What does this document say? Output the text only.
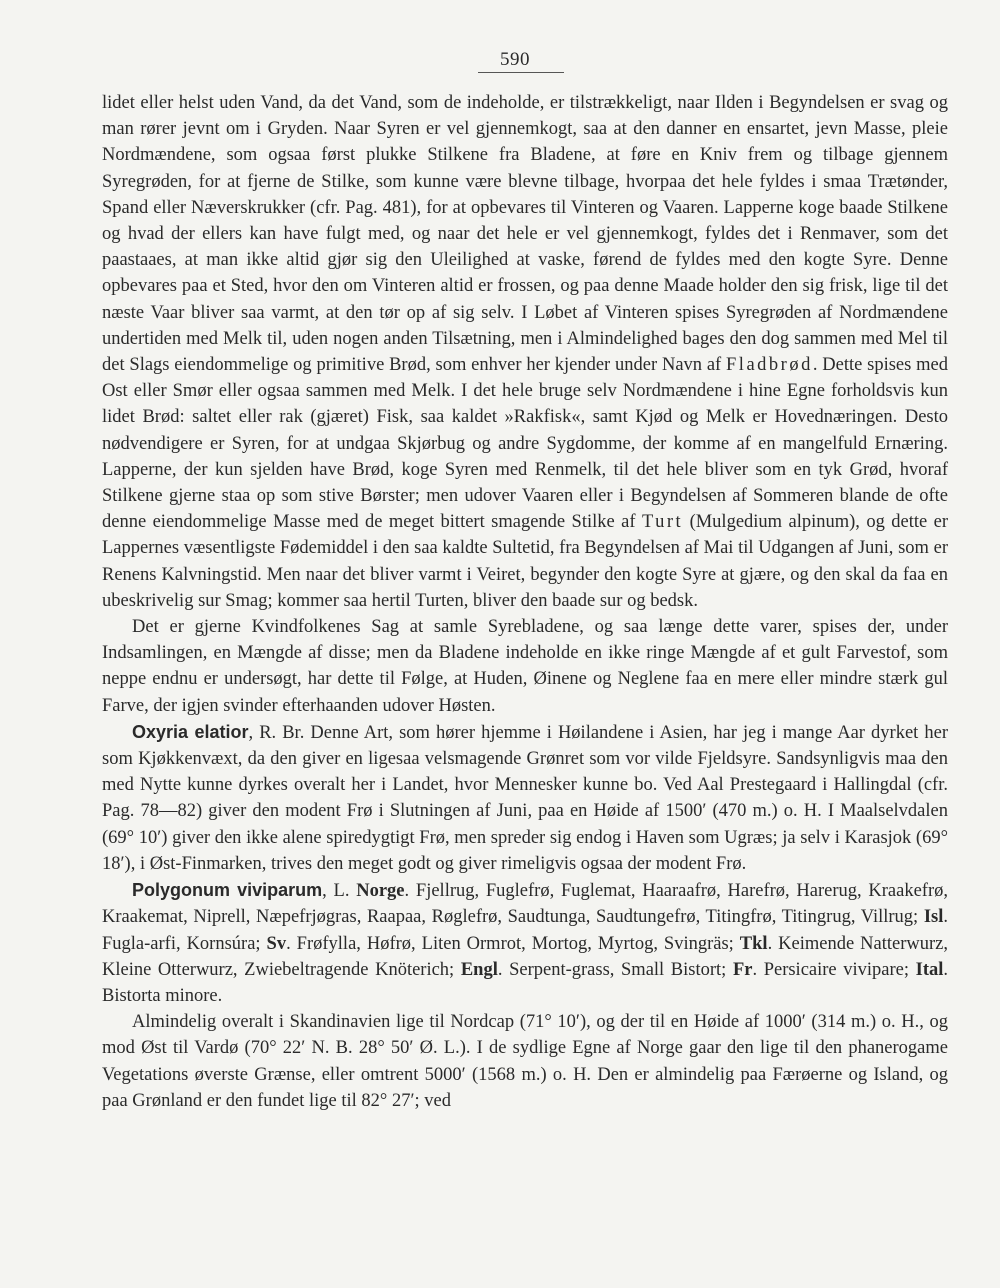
590

lidet eller helst uden Vand, da det Vand, som de indeholde, er tilstrækkeligt, naar Ilden i Begyndelsen er svag og man rører jevnt om i Gryden. Naar Syren er vel gjennemkogt, saa at den danner en ensartet, jevn Masse, pleie Nordmændene, som ogsaa først plukke Stilkene fra Bladene, at føre en Kniv frem og tilbage gjennem Syregrøden, for at fjerne de Stilke, som kunne være blevne tilbage, hvorpaa det hele fyldes i smaa Trætønder, Spand eller Næverskrukker (cfr. Pag. 481), for at opbevares til Vinteren og Vaaren. Lapperne koge baade Stilkene og hvad der ellers kan have fulgt med, og naar det hele er vel gjennemkogt, fyldes det i Renmaver, som det paastaaes, at man ikke altid gjør sig den Uleilighed at vaske, førend de fyldes med den kogte Syre. Denne opbevares paa et Sted, hvor den om Vinteren altid er frossen, og paa denne Maade holder den sig frisk, lige til det næste Vaar bliver saa varmt, at den tør op af sig selv. I Løbet af Vinteren spises Syregrøden af Nordmændene undertiden med Melk til, uden nogen anden Tilsætning, men i Almindelighed bages den dog sammen med Mel til det Slags eiendommelige og primitive Brød, som enhver her kjender under Navn af Fladbrød. Dette spises med Ost eller Smør eller ogsaa sammen med Melk. I det hele bruge selv Nordmændene i hine Egne forholdsvis kun lidet Brød: saltet eller rak (gjæret) Fisk, saa kaldet »Rakfisk«, samt Kjød og Melk er Hovednæringen. Desto nødvendigere er Syren, for at undgaa Skjørbug og andre Sygdomme, der komme af en mangelfuld Ernæring. Lapperne, der kun sjelden have Brød, koge Syren med Renmelk, til det hele bliver som en tyk Grød, hvoraf Stilkene gjerne staa op som stive Børster; men udover Vaaren eller i Begyndelsen af Sommeren blande de ofte denne eiendommelige Masse med de meget bittert smagende Stilke af Turt (Mulgedium alpinum), og dette er Lappernes væsentligste Fødemiddel i den saa kaldte Sultetid, fra Begyndelsen af Mai til Udgangen af Juni, som er Renens Kalvningstid. Men naar det bliver varmt i Veiret, begynder den kogte Syre at gjære, og den skal da faa en ubeskrivelig sur Smag; kommer saa hertil Turten, bliver den baade sur og bedsk.

Det er gjerne Kvindfolkenes Sag at samle Syrebladene, og saa længe dette varer, spises der, under Indsamlingen, en Mængde af disse; men da Bladene indeholde en ikke ringe Mængde af et gult Farvestof, som neppe endnu er undersøgt, har dette til Følge, at Huden, Øinene og Neglene faa en mere eller mindre stærk gul Farve, der igjen svinder efterhaanden udover Høsten.

Oxyria elatior, R. Br. Denne Art, som hører hjemme i Høilandene i Asien, har jeg i mange Aar dyrket her som Kjøkkenvæxt, da den giver en ligesaa velsmagende Grønret som vor vilde Fjeldsyre. Sandsynligvis maa den med Nytte kunne dyrkes overalt her i Landet, hvor Mennesker kunne bo. Ved Aal Prestegaard i Hallingdal (cfr. Pag. 78—82) giver den modent Frø i Slutningen af Juni, paa en Høide af 1500′ (470 m.) o. H. I Maalselvdalen (69° 10′) giver den ikke alene spiredygtigt Frø, men spreder sig endog i Haven som Ugræs; ja selv i Karasjok (69° 18′), i Øst-Finmarken, trives den meget godt og giver rimeligvis ogsaa der modent Frø.

Polygonum viviparum, L. Norge. Fjellrug, Fuglefrø, Fuglemat, Haaraafrø, Harefrø, Harerug, Kraakefrø, Kraakemat, Niprell, Næpefrjøgras, Raapaa, Røglefrø, Saudtunga, Saudtungefrø, Titingfrø, Titingrug, Villrug; Isl. Fugla-arfi, Kornsúra; Sv. Frøfylla, Høfrø, Liten Ormrot, Mortog, Myrtog, Svingräs; Tkl. Keimende Natterwurz, Kleine Otterwurz, Zwiebeltragende Knöterich; Engl. Serpent-grass, Small Bistort; Fr. Persicaire vivipare; Ital. Bistorta minore.

Almindelig overalt i Skandinavien lige til Nordcap (71° 10′), og der til en Høide af 1000′ (314 m.) o. H., og mod Øst til Vardø (70° 22′ N. B. 28° 50′ Ø. L.). I de sydlige Egne af Norge gaar den lige til den phanerogame Vegetations øverste Grænse, eller omtrent 5000′ (1568 m.) o. H. Den er almindelig paa Færøerne og Island, og paa Grønland er den fundet lige til 82° 27′; ved
